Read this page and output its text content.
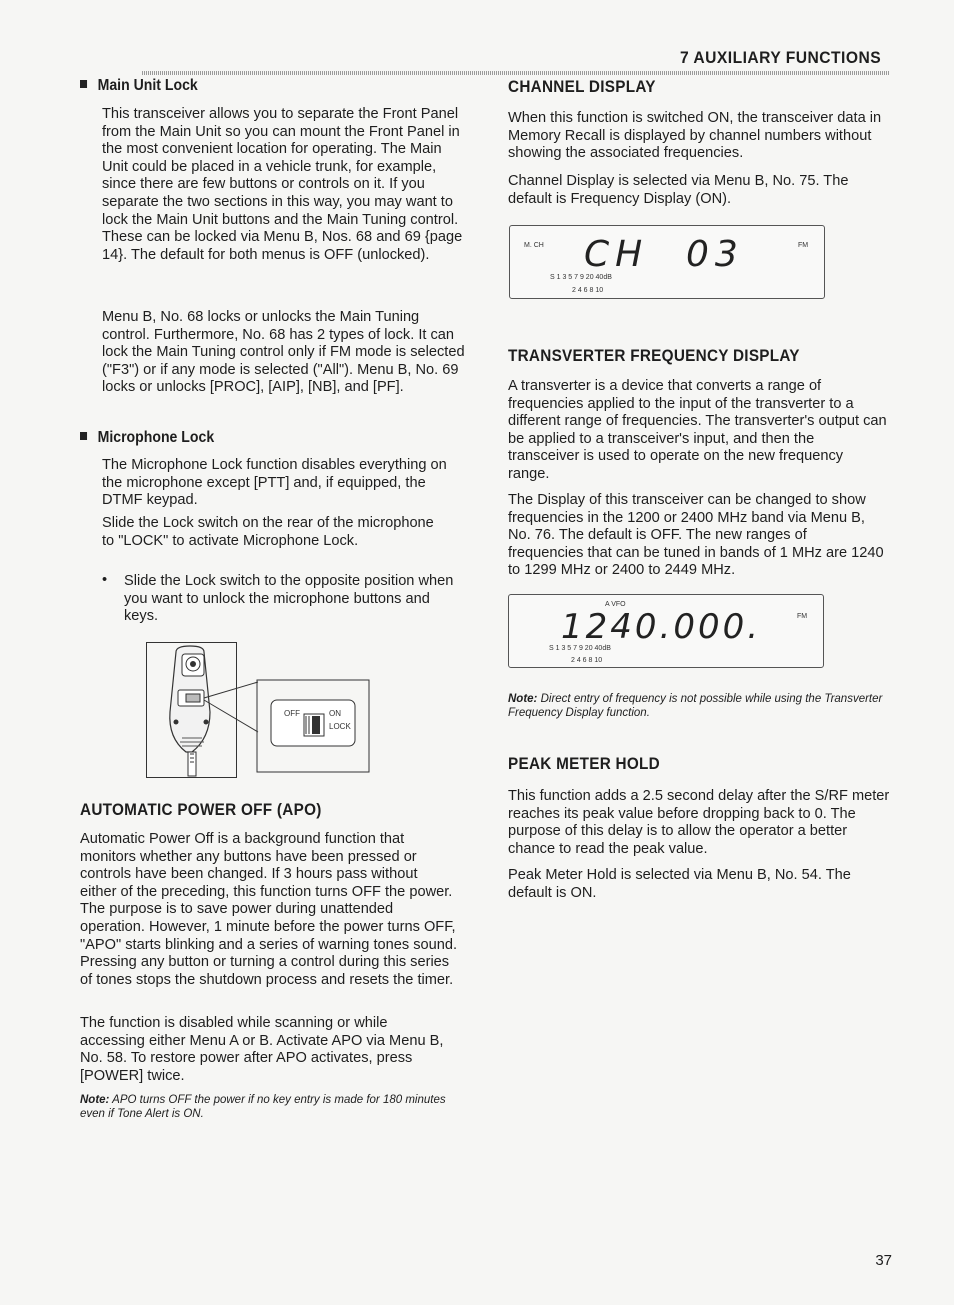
7 AUXILIARY FUNCTIONS
Main Unit Lock

This transceiver allows you to separate the Front Panel from the Main Unit so you can mount the Front Panel in the most convenient location for operating. The Main Unit could be placed in a vehicle trunk, for example, since there are few buttons or controls on it. If you separate the two sections in this way, you may want to lock the Main Unit buttons and the Main Tuning control. These can be locked via Menu B, Nos. 68 and 69 {page 14}. The default for both menus is OFF (unlocked).

Menu B, No. 68 locks or unlocks the Main Tuning control. Furthermore, No. 68 has 2 types of lock. It can lock the Main Tuning control only if FM mode is selected ("F3") or if any mode is selected ("All"). Menu B, No. 69 locks or unlocks [PROC], [AIP], [NB], and [PF].

Microphone Lock

The Microphone Lock function disables everything on the microphone except [PTT] and, if equipped, the DTMF keypad.

Slide the Lock switch on the rear of the microphone to "LOCK" to activate Microphone Lock.

• Slide the Lock switch to the opposite position when you want to unlock the microphone buttons and keys.

OFF	ON
LOCK
AUTOMATIC POWER OFF (APO)

Automatic Power Off is a background function that monitors whether any buttons have been pressed or controls have been changed. If 3 hours pass without either of the preceding, this function turns OFF the power. The purpose is to save power during unattended operation. However, 1 minute before the power turns OFF, "APO" starts blinking and a series of warning tones sound. Pressing any button or turning a control during this series of tones stops the shutdown process and resets the timer.

The function is disabled while scanning or while accessing either Menu A or B. Activate APO via Menu B, No. 58. To restore power after APO activates, press [POWER] twice.

Note: APO turns OFF the power if no key entry is made for 180 minutes even if Tone Alert is ON.
CHANNEL DISPLAY

When this function is switched ON, the transceiver data in Memory Recall is displayed by channel numbers without showing the associated frequencies.

Channel Display is selected via Menu B, No. 75. The default is Frequency Display (ON).

M. CH CH 03	FM
S 1 3 5 7 9 20 40dB
2 4 6 8 10
TRANSVERTER FREQUENCY DISPLAY

A transverter is a device that converts a range of frequencies applied to the input of the transverter to a different range of frequencies. The transverter's output can be applied to a transceiver's input, and then the transceiver is used to operate on the new frequency range.

The Display of this transceiver can be changed to show frequencies in the 1200 or 2400 MHz band via Menu B, No. 76. The default is OFF. The new ranges of frequencies that can be tuned in bands of 1 MHz are 1240 to 1299 MHz or 2400 to 2449 MHz.

A VFO
1240.000.	FM
S 1 3 5 7 9 20 40dB
2 4 6 8 10
Note: Direct entry of frequency is not possible while using the Transverter Frequency Display function.
PEAK METER HOLD

This function adds a 2.5 second delay after the S/RF meter reaches its peak value before dropping back to 0. The purpose of this delay is to allow the operator a better chance to read the peak value.

Peak Meter Hold is selected via Menu B, No. 54. The default is ON.

37
